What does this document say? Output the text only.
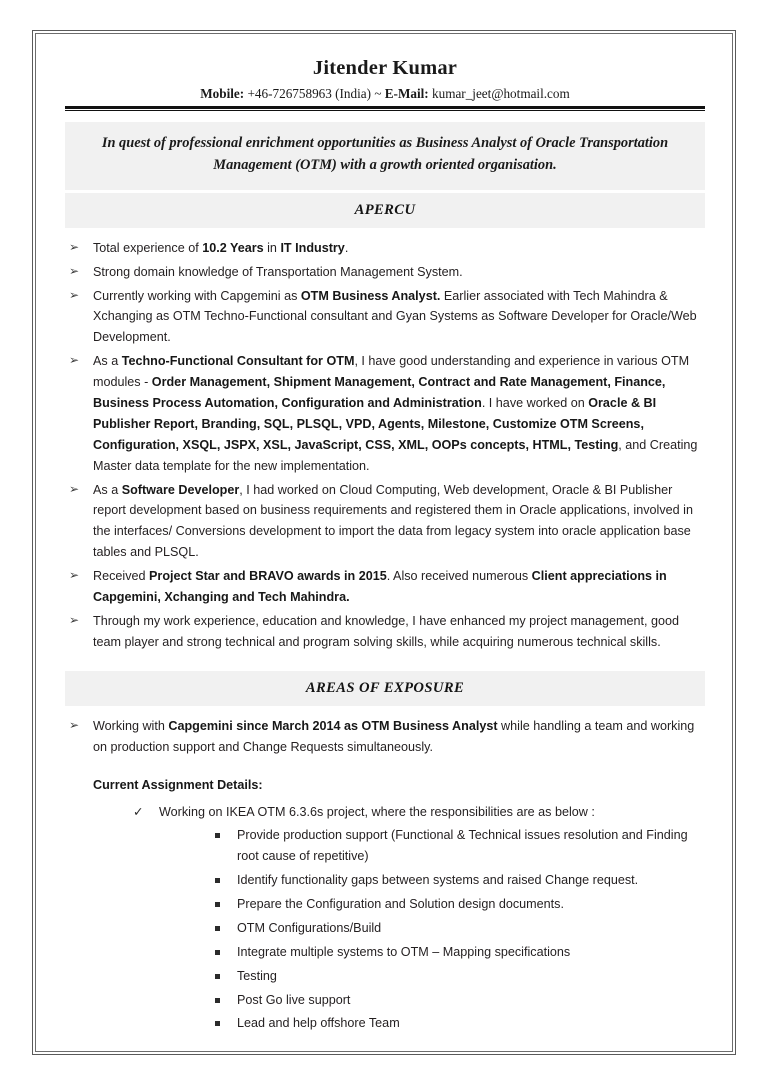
Jitender Kumar
Mobile: +46-726758963 (India) ~ E-Mail: kumar_jeet@hotmail.com

In quest of professional enrichment opportunities as Business Analyst of Oracle Transportation Management (OTM) with a growth oriented organisation.

APERCU
➢ Total experience of 10.2 Years in IT Industry.
➢ Strong domain knowledge of Transportation Management System.
➢ Currently working with Capgemini as OTM Business Analyst. Earlier associated with Tech Mahindra & Xchanging as OTM Techno-Functional consultant and Gyan Systems as Software Developer for Oracle/Web Development.
➢ As a Techno-Functional Consultant for OTM, I have good understanding and experience in various OTM modules - Order Management, Shipment Management, Contract and Rate Management, Finance, Business Process Automation, Configuration and Administration. I have worked on Oracle & BI Publisher Report, Branding, SQL, PLSQL, VPD, Agents, Milestone, Customize OTM Screens, Configuration, XSQL, JSPX, XSL, JavaScript, CSS, XML, OOPs concepts, HTML, Testing, and Creating Master data template for the new implementation.
➢ As a Software Developer, I had worked on Cloud Computing, Web development, Oracle & BI Publisher report development based on business requirements and registered them in Oracle applications, involved in the interfaces/ Conversions development to import the data from legacy system into oracle application base tables and PLSQL.
➢ Received Project Star and BRAVO awards in 2015. Also received numerous Client appreciations in Capgemini, Xchanging and Tech Mahindra.
➢ Through my work experience, education and knowledge, I have enhanced my project management, good team player and strong technical and program solving skills, while acquiring numerous technical skills.
AREAS OF EXPOSURE
➢ Working with Capgemini since March 2014 as OTM Business Analyst while handling a team and working on production support and Change Requests simultaneously.

Current Assignment Details:

✓ Working on IKEA OTM 6.3.6s project, where the responsibilities are as below :
Provide production support (Functional & Technical issues resolution and Finding root cause of repetitive)
Identify functionality gaps between systems and raised Change request.
Prepare the Configuration and Solution design documents.
OTM Configurations/Build
Integrate multiple systems to OTM – Mapping specifications
Testing
Post Go live support
Lead and help offshore Team
